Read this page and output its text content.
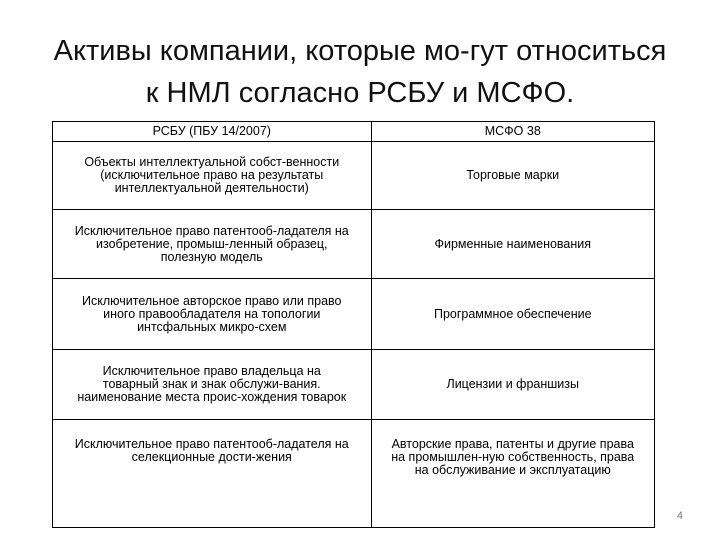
Активы компании, которые мо-гут относиться
к НМЛ согласно РСБУ и МСФО.
РСБУ (ПБУ 14/2007)	МСФО 38

Объекты интеллектуальной собст-венности
(исключительное право на результаты
интеллектуальной деятельности)	Торговые марки

Исключительное право патентооб-ладателя на
изобретение, промыш-ленный образец,
полезную модель	Фирменные наименования

Исключительное авторское право или право
иного правообладателя на топологии
интсфальных микро-схем	Программное обеспечение

Исключительное право владельца на
товарный знак и знак обслужи-вания.
наименование места проис-хождения товарок	Лицензии и франшизы

Исключительное право патентооб-ладателя на
селекционные дости-жения	Авторские права, патенты и другие права
на промышлен-ную собственность, права
на обслуживание и эксплуатацию
4
